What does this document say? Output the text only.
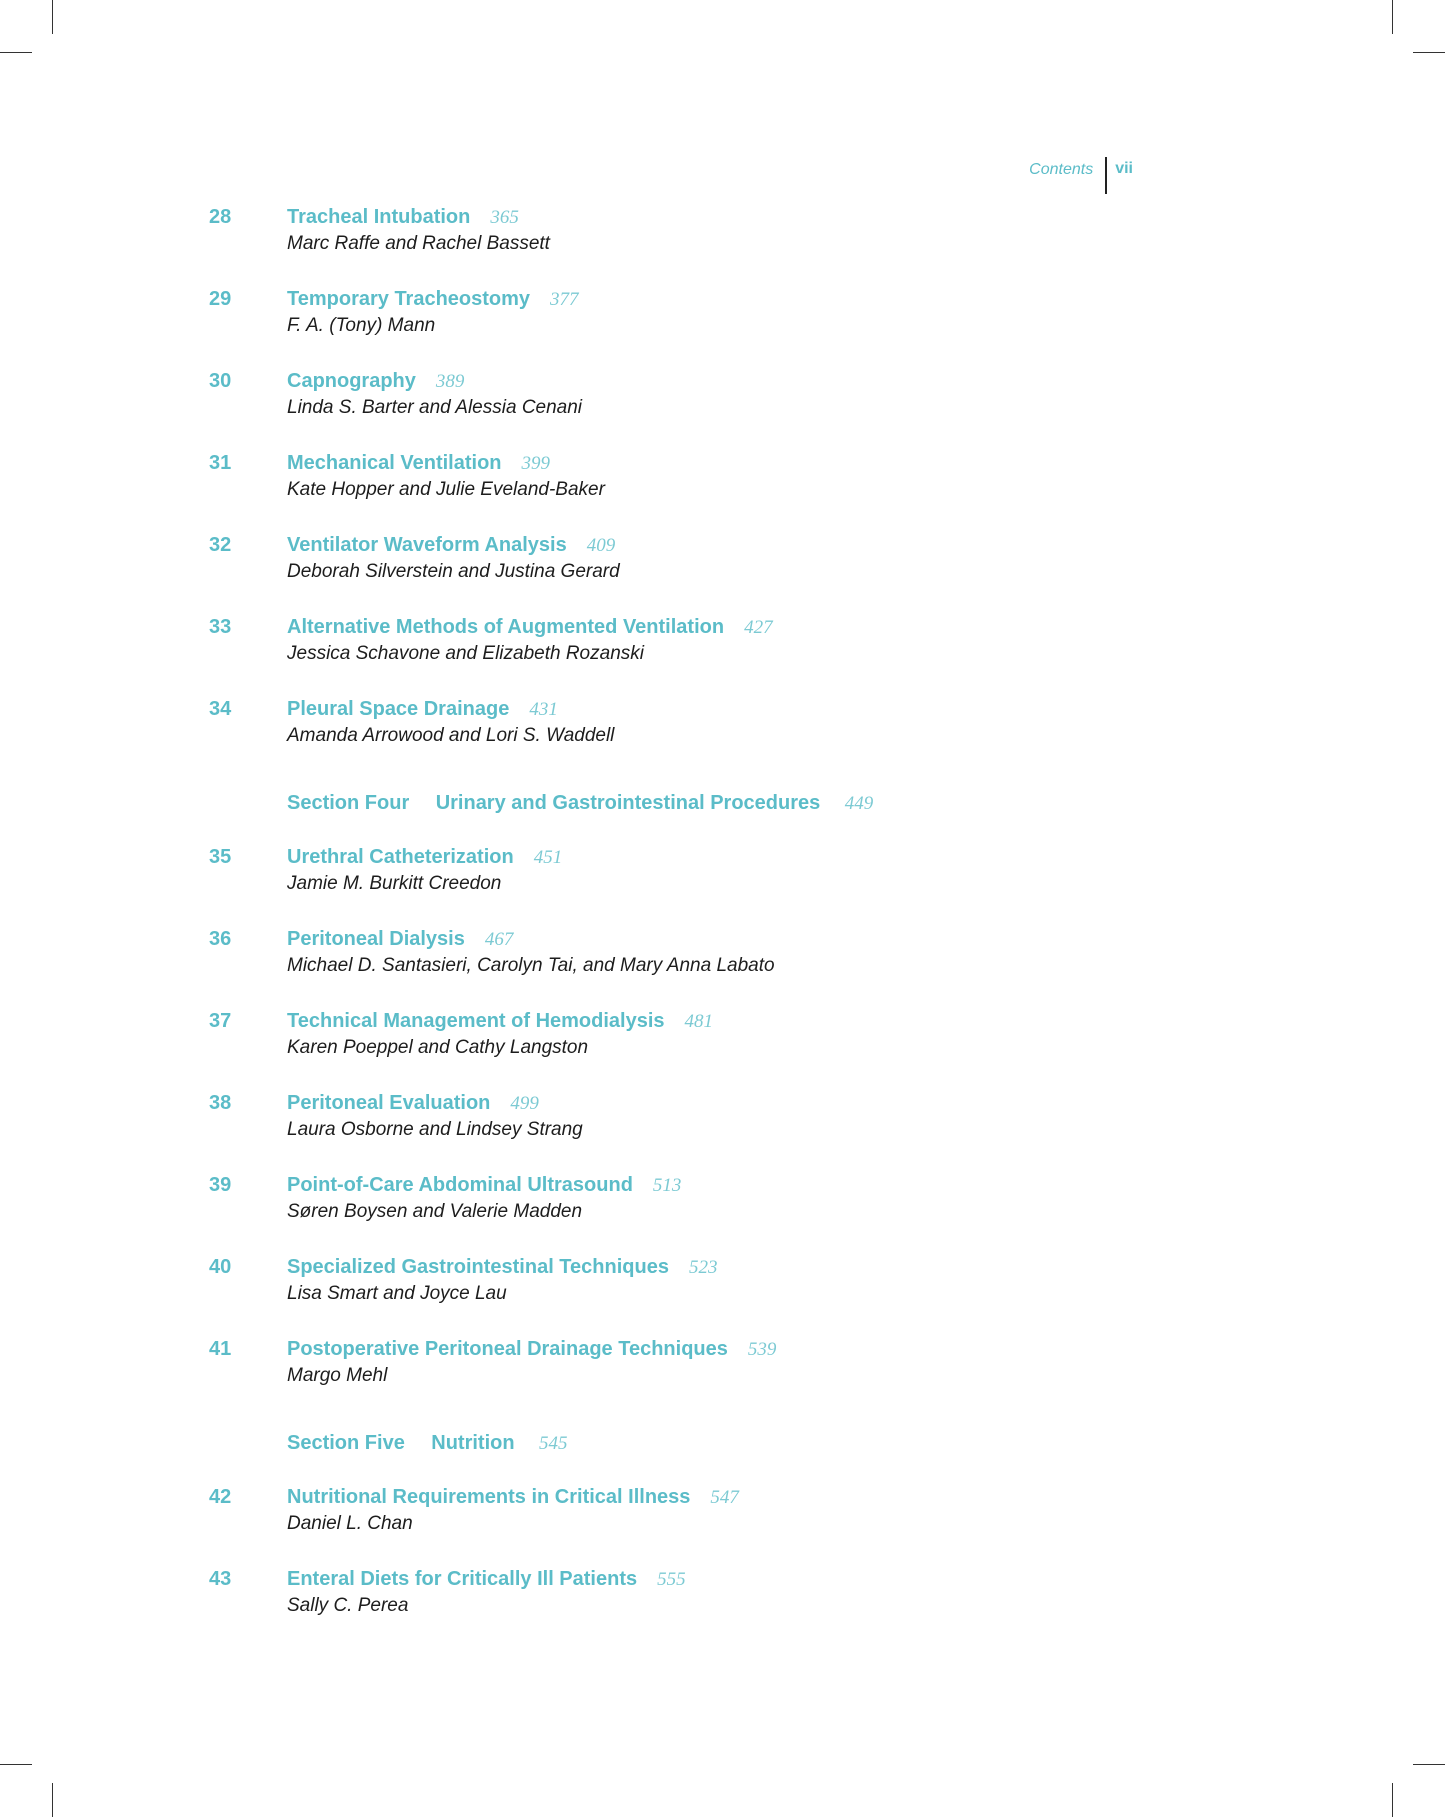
Contents vii
28	Tracheal Intubation 365
Marc Raffe and Rachel Bassett
29	Temporary Tracheostomy 377
F. A. (Tony) Mann
30	Capnography 389
Linda S. Barter and Alessia Cenani
31	Mechanical Ventilation 399
Kate Hopper and Julie Eveland-Baker
32	Ventilator Waveform Analysis 409
Deborah Silverstein and Justina Gerard
33	Alternative Methods of Augmented Ventilation 427
Jessica Schavone and Elizabeth Rozanski
34	Pleural Space Drainage 431
Amanda Arrowood and Lori S. Waddell
Section Four Urinary and Gastrointestinal Procedures 449
35	Urethral Catheterization 451
Jamie M. Burkitt Creedon
36	Peritoneal Dialysis 467
Michael D. Santasieri, Carolyn Tai, and Mary Anna Labato
37	Technical Management of Hemodialysis 481
Karen Poeppel and Cathy Langston
38	Peritoneal Evaluation 499
Laura Osborne and Lindsey Strang
39	Point-of-Care Abdominal Ultrasound 513
Søren Boysen and Valerie Madden
40	Specialized Gastrointestinal Techniques 523
Lisa Smart and Joyce Lau
41	Postoperative Peritoneal Drainage Techniques 539
Margo Mehl
Section Five Nutrition 545
42	Nutritional Requirements in Critical Illness 547
Daniel L. Chan
43	Enteral Diets for Critically Ill Patients 555
Sally C. Perea
